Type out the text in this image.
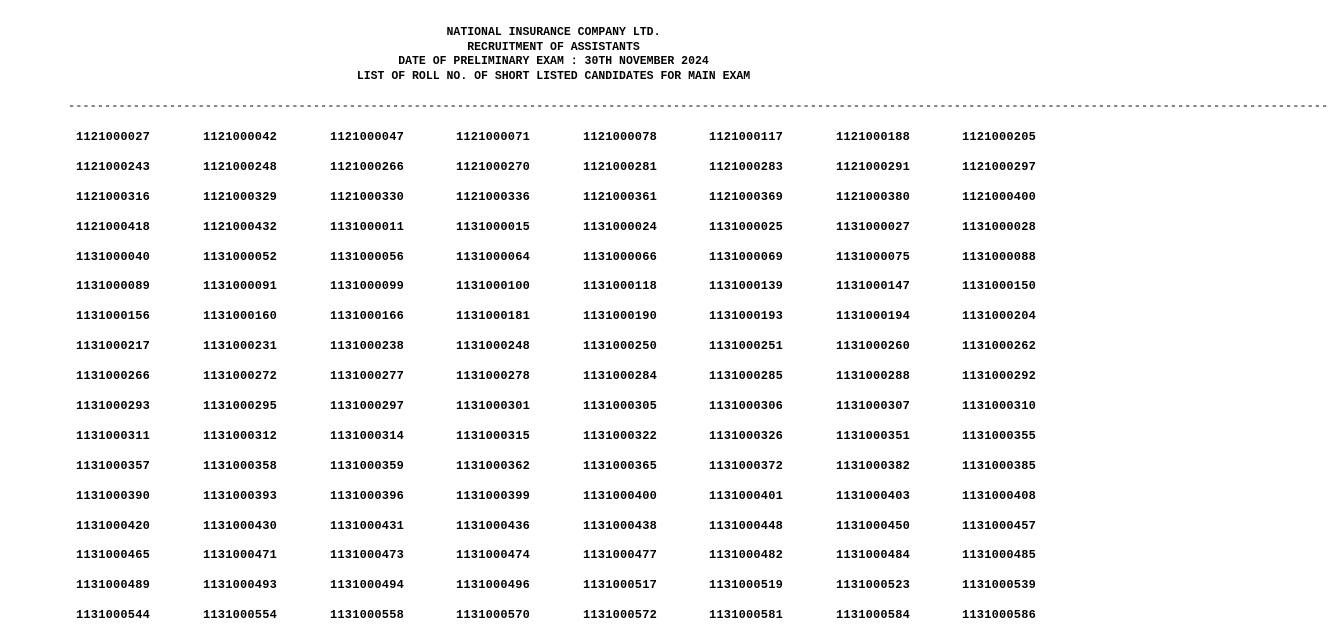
NATIONAL INSURANCE COMPANY LTD.
RECRUITMENT OF ASSISTANTS
DATE OF PRELIMINARY EXAM : 30TH NOVEMBER 2024
LIST OF ROLL NO. OF SHORT LISTED CANDIDATES FOR MAIN EXAM
-------------------------------------------------------------------------------------------------------------------------------------------------------------------------------
1121000027	1121000042	1121000047	1121000071	1121000078	1121000117	1121000188	1121000205
1121000243	1121000248	1121000266	1121000270	1121000281	1121000283	1121000291	1121000297
1121000316	1121000329	1121000330	1121000336	1121000361	1121000369	1121000380	1121000400
1121000418	1121000432	1131000011	1131000015	1131000024	1131000025	1131000027	1131000028
1131000040	1131000052	1131000056	1131000064	1131000066	1131000069	1131000075	1131000088
1131000089	1131000091	1131000099	1131000100	1131000118	1131000139	1131000147	1131000150
1131000156	1131000160	1131000166	1131000181	1131000190	1131000193	1131000194	1131000204
1131000217	1131000231	1131000238	1131000248	1131000250	1131000251	1131000260	1131000262
1131000266	1131000272	1131000277	1131000278	1131000284	1131000285	1131000288	1131000292
1131000293	1131000295	1131000297	1131000301	1131000305	1131000306	1131000307	1131000310
1131000311	1131000312	1131000314	1131000315	1131000322	1131000326	1131000351	1131000355
1131000357	1131000358	1131000359	1131000362	1131000365	1131000372	1131000382	1131000385
1131000390	1131000393	1131000396	1131000399	1131000400	1131000401	1131000403	1131000408
1131000420	1131000430	1131000431	1131000436	1131000438	1131000448	1131000450	1131000457
1131000465	1131000471	1131000473	1131000474	1131000477	1131000482	1131000484	1131000485
1131000489	1131000493	1131000494	1131000496	1131000517	1131000519	1131000523	1131000539
1131000544	1131000554	1131000558	1131000570	1131000572	1131000581	1131000584	1131000586
